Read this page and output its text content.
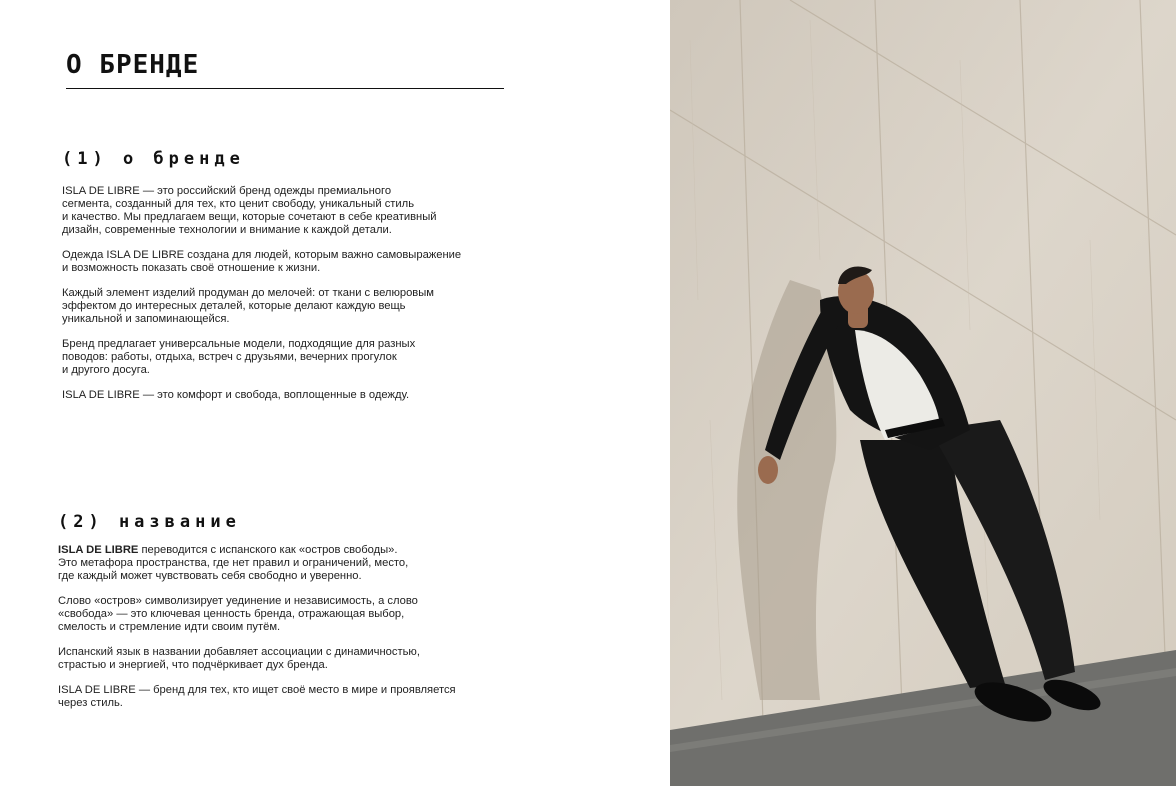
О БРЕНДЕ
(1) о бренде

ISLA DE LIBRE — это российский бренд одежды премиального
сегмента, созданный для тех, кто ценит свободу, уникальный стиль
и качество. Мы предлагаем вещи, которые сочетают в себе креативный
дизайн, современные технологии и внимание к каждой детали.

Одежда ISLA DE LIBRE создана для людей, которым важно самовыражение
и возможность показать своё отношение к жизни.

Каждый элемент изделий продуман до мелочей: от ткани с велюровым
эффектом до интересных деталей, которые делают каждую вещь
уникальной и запоминающейся.

Бренд предлагает универсальные модели, подходящие для разных
поводов: работы, отдыха, встреч с друзьями, вечерних прогулок
и другого досуга.

ISLA DE LIBRE — это комфорт и свобода, воплощенные в одежду.

(2) название

ISLA DE LIBRE переводится с испанского как «остров свободы».
Это метафора пространства, где нет правил и ограничений, место,
где каждый может чувствовать себя свободно и уверенно.

Слово «остров» символизирует уединение и независимость, а слово
«свобода» — это ключевая ценность бренда, отражающая выбор,
смелость и стремление идти своим путём.

Испанский язык в названии добавляет ассоциации с динамичностью,
страстью и энергией, что подчёркивает дух бренда.

ISLA DE LIBRE — бренд для тех, кто ищет своё место в мире и проявляется
через стиль.
